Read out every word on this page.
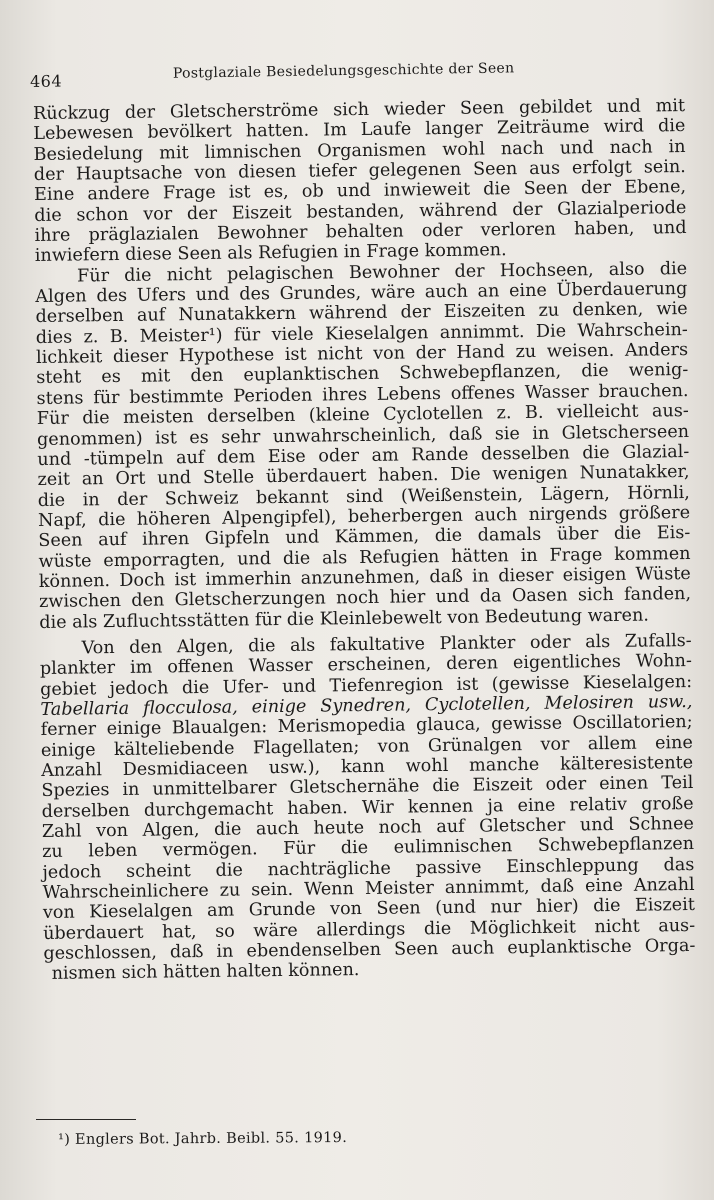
464	Postglaziale Besiedelungsgeschichte der Seen

Rückzug der Gletscherströme sich wieder Seen gebildet und mit
Lebewesen bevölkert hatten. Im Laufe langer Zeiträume wird die
Besiedelung mit limnischen Organismen wohl nach und nach in
der Hauptsache von diesen tiefer gelegenen Seen aus erfolgt sein.
Eine andere Frage ist es, ob und inwieweit die Seen der Ebene,
die schon vor der Eiszeit bestanden, während der Glazialperiode
ihre präglazialen Bewohner behalten oder verloren haben, und
inwiefern diese Seen als Refugien in Frage kommen.

Für die nicht pelagischen Bewohner der Hochseen, also die
Algen des Ufers und des Grundes, wäre auch an eine Überdauerung
derselben auf Nunatakkern während der Eiszeiten zu denken, wie
dies z. B. Meister¹) für viele Kieselalgen annimmt. Die Wahrschein-
lichkeit dieser Hypothese ist nicht von der Hand zu weisen. Anders
steht es mit den euplanktischen Schwebepflanzen, die wenig-
stens für bestimmte Perioden ihres Lebens offenes Wasser brauchen.
Für die meisten derselben (kleine Cyclotellen z. B. vielleicht aus-
genommen) ist es sehr unwahrscheinlich, daß sie in Gletscherseen
und -tümpeln auf dem Eise oder am Rande desselben die Glazial-
zeit an Ort und Stelle überdauert haben. Die wenigen Nunatakker,
die in der Schweiz bekannt sind (Weißenstein, Lägern, Hörnli,
Napf, die höheren Alpengipfel), beherbergen auch nirgends größere
Seen auf ihren Gipfeln und Kämmen, die damals über die Eis-
wüste emporragten, und die als Refugien hätten in Frage kommen
können. Doch ist immerhin anzunehmen, daß in dieser eisigen Wüste
zwischen den Gletscherzungen noch hier und da Oasen sich fanden,
die als Zufluchtsstätten für die Kleinlebewelt von Bedeutung waren.

Von den Algen, die als fakultative Plankter oder als Zufalls-
plankter im offenen Wasser erscheinen, deren eigentliches Wohn-
gebiet jedoch die Ufer- und Tiefenregion ist (gewisse Kieselalgen:
Tabellaria flocculosa, einige Synedren, Cyclotellen, Melosiren usw.,
ferner einige Blaualgen: Merismopedia glauca, gewisse Oscillatorien;
einige kälteliebende Flagellaten; von Grünalgen vor allem eine
Anzahl Desmidiaceen usw.), kann wohl manche kälteresistente
Spezies in unmittelbarer Gletschernähe die Eiszeit oder einen Teil
derselben durchgemacht haben. Wir kennen ja eine relativ große
Zahl von Algen, die auch heute noch auf Gletscher und Schnee
zu leben vermögen. Für die eulimnischen Schwebepflanzen
jedoch scheint die nachträgliche passive Einschleppung das
Wahrscheinlichere zu sein. Wenn Meister annimmt, daß eine Anzahl
von Kieselalgen am Grunde von Seen (und nur hier) die Eiszeit
überdauert hat, so wäre allerdings die Möglichkeit nicht aus-
geschlossen, daß in ebendenselben Seen auch euplanktische Orga-
nismen sich hätten halten können.

¹) Englers Bot. Jahrb. Beibl. 55. 1919.
